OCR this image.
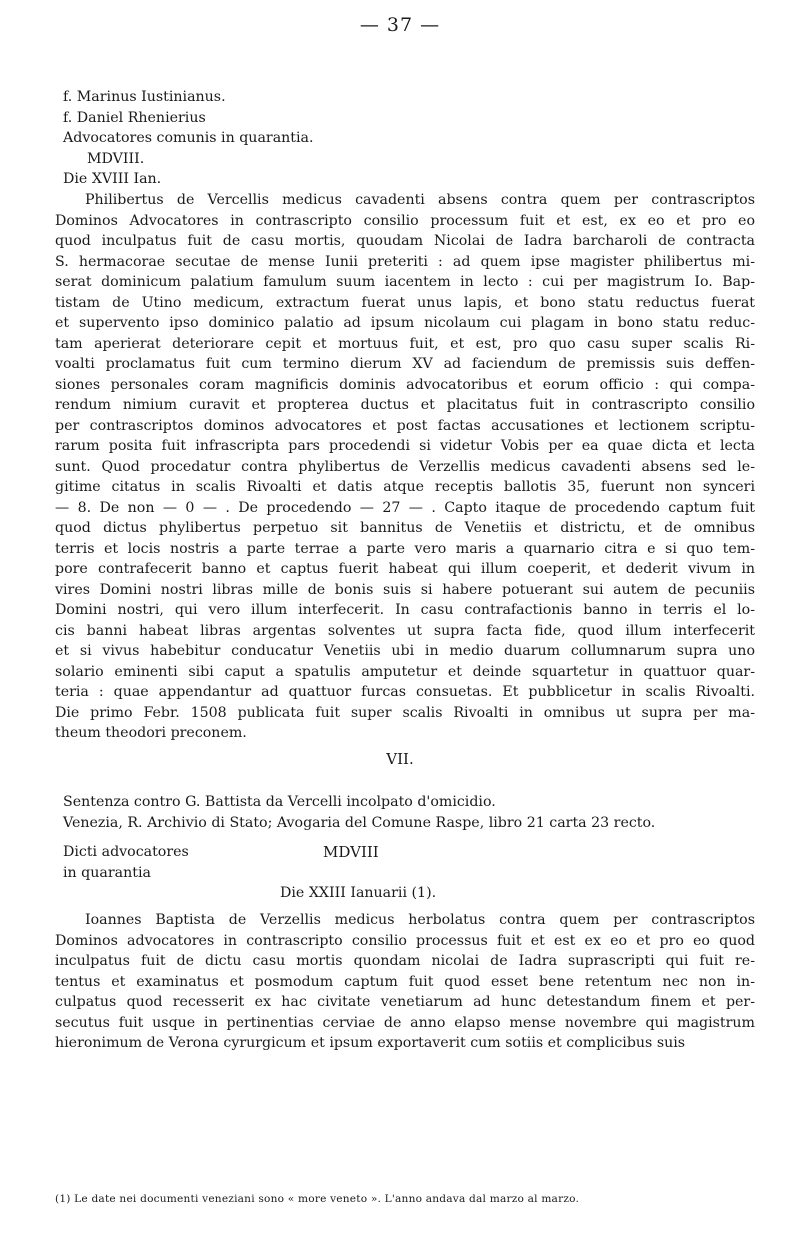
— 37 —
f. Marinus Iustinianus.
f. Daniel Rhenierius
Advocatores comunis in quarantia.
MDVIII.
Die XVIII Ian.
Philibertus de Vercellis medicus cavadenti absens contra quem per contrascriptos
Dominos Advocatores in contrascripto consilio processum fuit et est, ex eo et pro eo
quod inculpatus fuit de casu mortis, quoudam Nicolai de Iadra barcharoli de contracta
S. hermacorae secutae de mense Iunii preteriti : ad quem ipse magister philibertus mi-
serat dominicum palatium famulum suum iacentem in lecto : cui per magistrum Io. Bap-
tistam de Utino medicum, extractum fuerat unus lapis, et bono statu reductus fuerat
et supervento ipso dominico palatio ad ipsum nicolaum cui plagam in bono statu reduc-
tam aperierat deteriorare cepit et mortuus fuit, et est, pro quo casu super scalis Ri-
voalti proclamatus fuit cum termino dierum XV ad faciendum de premissis suis deffen-
siones personales coram magnificis dominis advocatoribus et eorum officio : qui compa-
rendum nimium curavit et propterea ductus et placitatus fuit in contrascripto consilio
per contrascriptos dominos advocatores et post factas accusationes et lectionem scriptu-
rarum posita fuit infrascripta pars procedendi si videtur Vobis per ea quae dicta et lecta
sunt. Quod procedatur contra phylibertus de Verzellis medicus cavadenti absens sed le-
gitime citatus in scalis Rivoalti et datis atque receptis ballotis 35, fuerunt non synceri
— 8. De non — 0 — . De procedendo — 27 — . Capto itaque de procedendo captum fuit
quod dictus phylibertus perpetuo sit bannitus de Venetiis et districtu, et de omnibus
terris et locis nostris a parte terrae a parte vero maris a quarnario citra e si quo tem-
pore contrafecerit banno et captus fuerit habeat qui illum coeperit, et dederit vivum in
vires Domini nostri libras mille de bonis suis si habere potuerant sui autem de pecuniis
Domini nostri, qui vero illum interfecerit. In casu contrafactionis banno in terris el lo-
cis banni habeat libras argentas solventes ut supra facta fide, quod illum interfecerit
et si vivus habebitur conducatur Venetiis ubi in medio duarum collumnarum supra uno
solario eminenti sibi caput a spatulis amputetur et deinde squartetur in quattuor quar-
teria : quae appendantur ad quattuor furcas consuetas. Et pubblicetur in scalis Rivoalti.
Die primo Febr. 1508 publicata fuit super scalis Rivoalti in omnibus ut supra per ma-
theum theodori preconem.
VII.
Sentenza contro G. Battista da Vercelli incolpato d'omicidio.
Venezia, R. Archivio di Stato; Avogaria del Comune Raspe, libro 21 carta 23 recto.
Dicti advocatores	MDVIII
in quarantia
Die XXIII Ianuarii (1).
Ioannes Baptista de Verzellis medicus herbolatus contra quem per contrascriptos
Dominos advocatores in contrascripto consilio processus fuit et est ex eo et pro eo quod
inculpatus fuit de dictu casu mortis quondam nicolai de Iadra suprascripti qui fuit re-
tentus et examinatus et posmodum captum fuit quod esset bene retentum nec non in-
culpatus quod recesserit ex hac civitate venetiarum ad hunc detestandum finem et per-
secutus fuit usque in pertinentias cerviae de anno elapso mense novembre qui magistrum
hieronimum de Verona cyrurgicum et ipsum exportaverit cum sotiis et complicibus suis
(1) Le date nei documenti veneziani sono « more veneto ». L'anno andava dal marzo al marzo.
